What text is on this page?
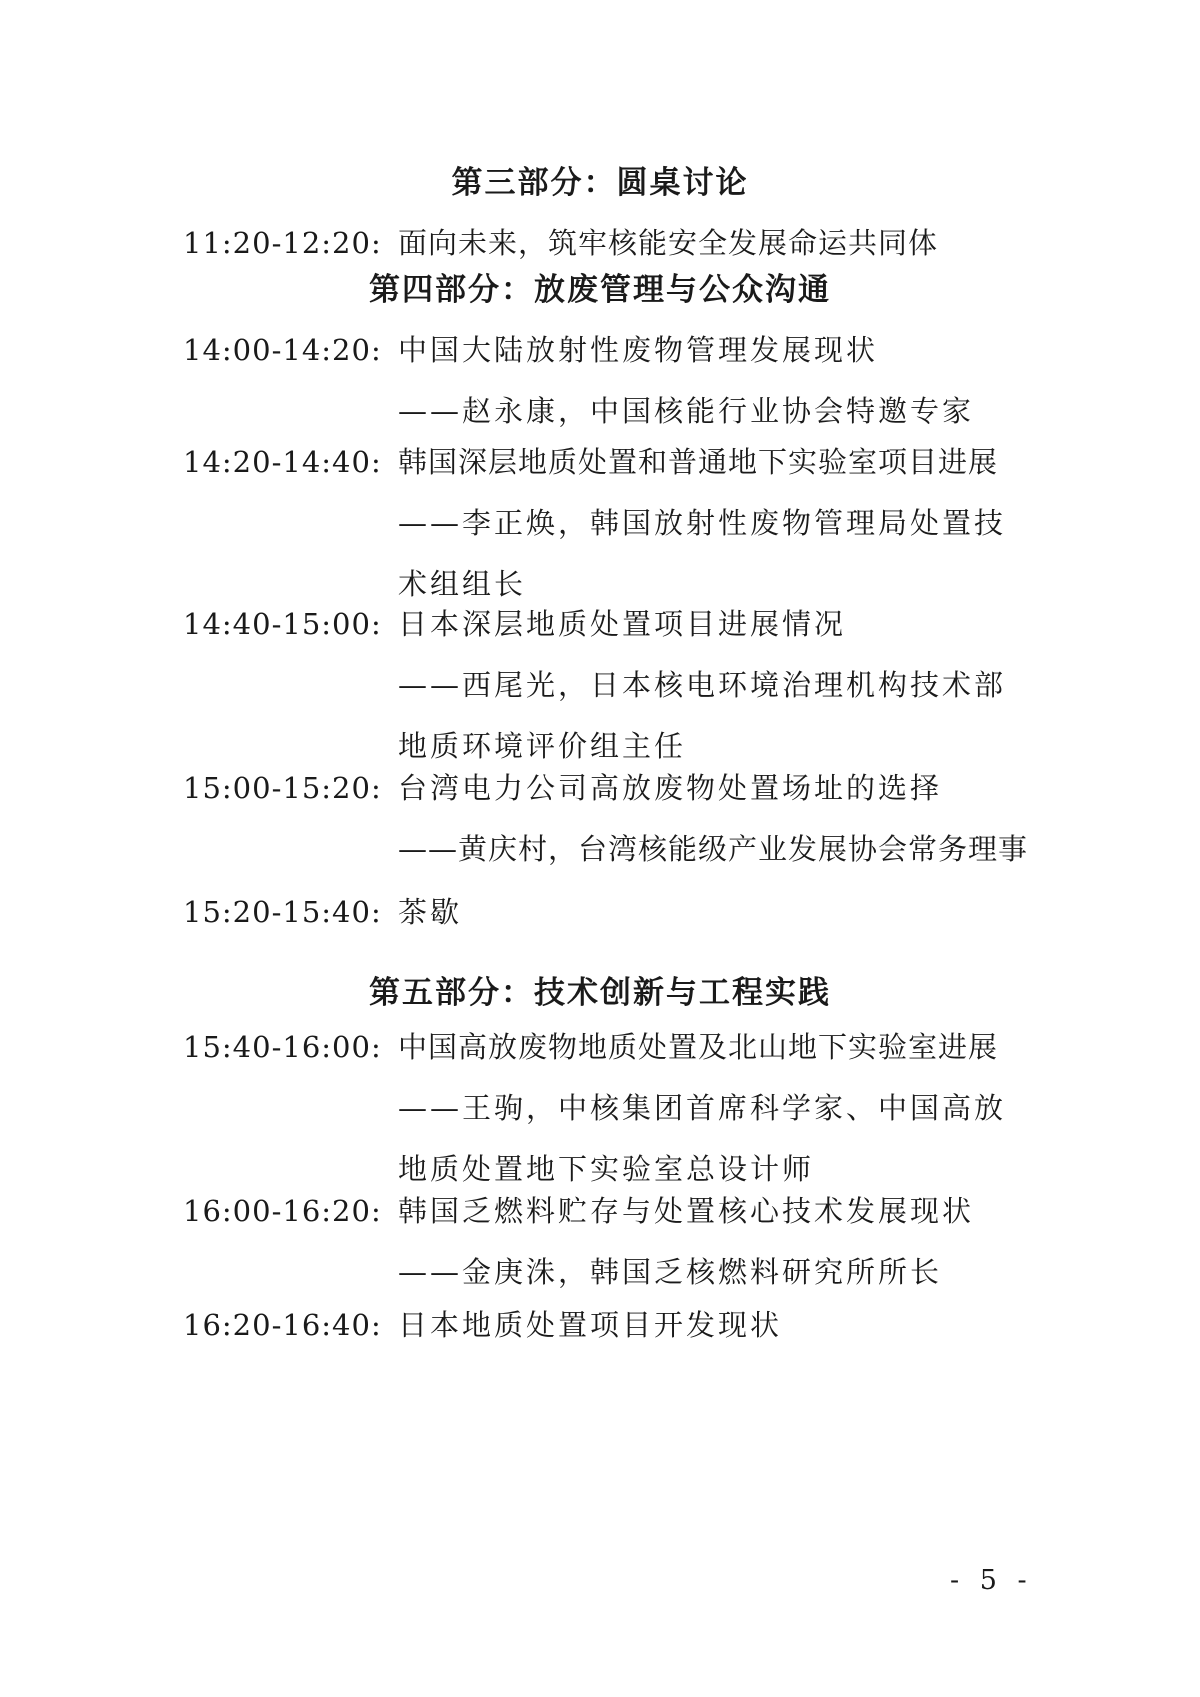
第三部分：圆桌讨论
11:20-12:20: 面向未来，筑牢核能安全发展命运共同体
第四部分：放废管理与公众沟通
14:00-14:20: 中国大陆放射性废物管理发展现状
——赵永康，中国核能行业协会特邀专家
14:20-14:40: 韩国深层地质处置和普通地下实验室项目进展
——李正焕，韩国放射性废物管理局处置技
术组组长
14:40-15:00: 日本深层地质处置项目进展情况
——西尾光，日本核电环境治理机构技术部
地质环境评价组主任
15:00-15:20: 台湾电力公司高放废物处置场址的选择
——黄庆村，台湾核能级产业发展协会常务理事
15:20-15:40: 茶歇
第五部分：技术创新与工程实践
15:40-16:00: 中国高放废物地质处置及北山地下实验室进展
——王驹，中核集团首席科学家、中国高放
地质处置地下实验室总设计师
16:00-16:20: 韩国乏燃料贮存与处置核心技术发展现状
——金庚洙，韩国乏核燃料研究所所长
16:20-16:40: 日本地质处置项目开发现状
- 5 -
